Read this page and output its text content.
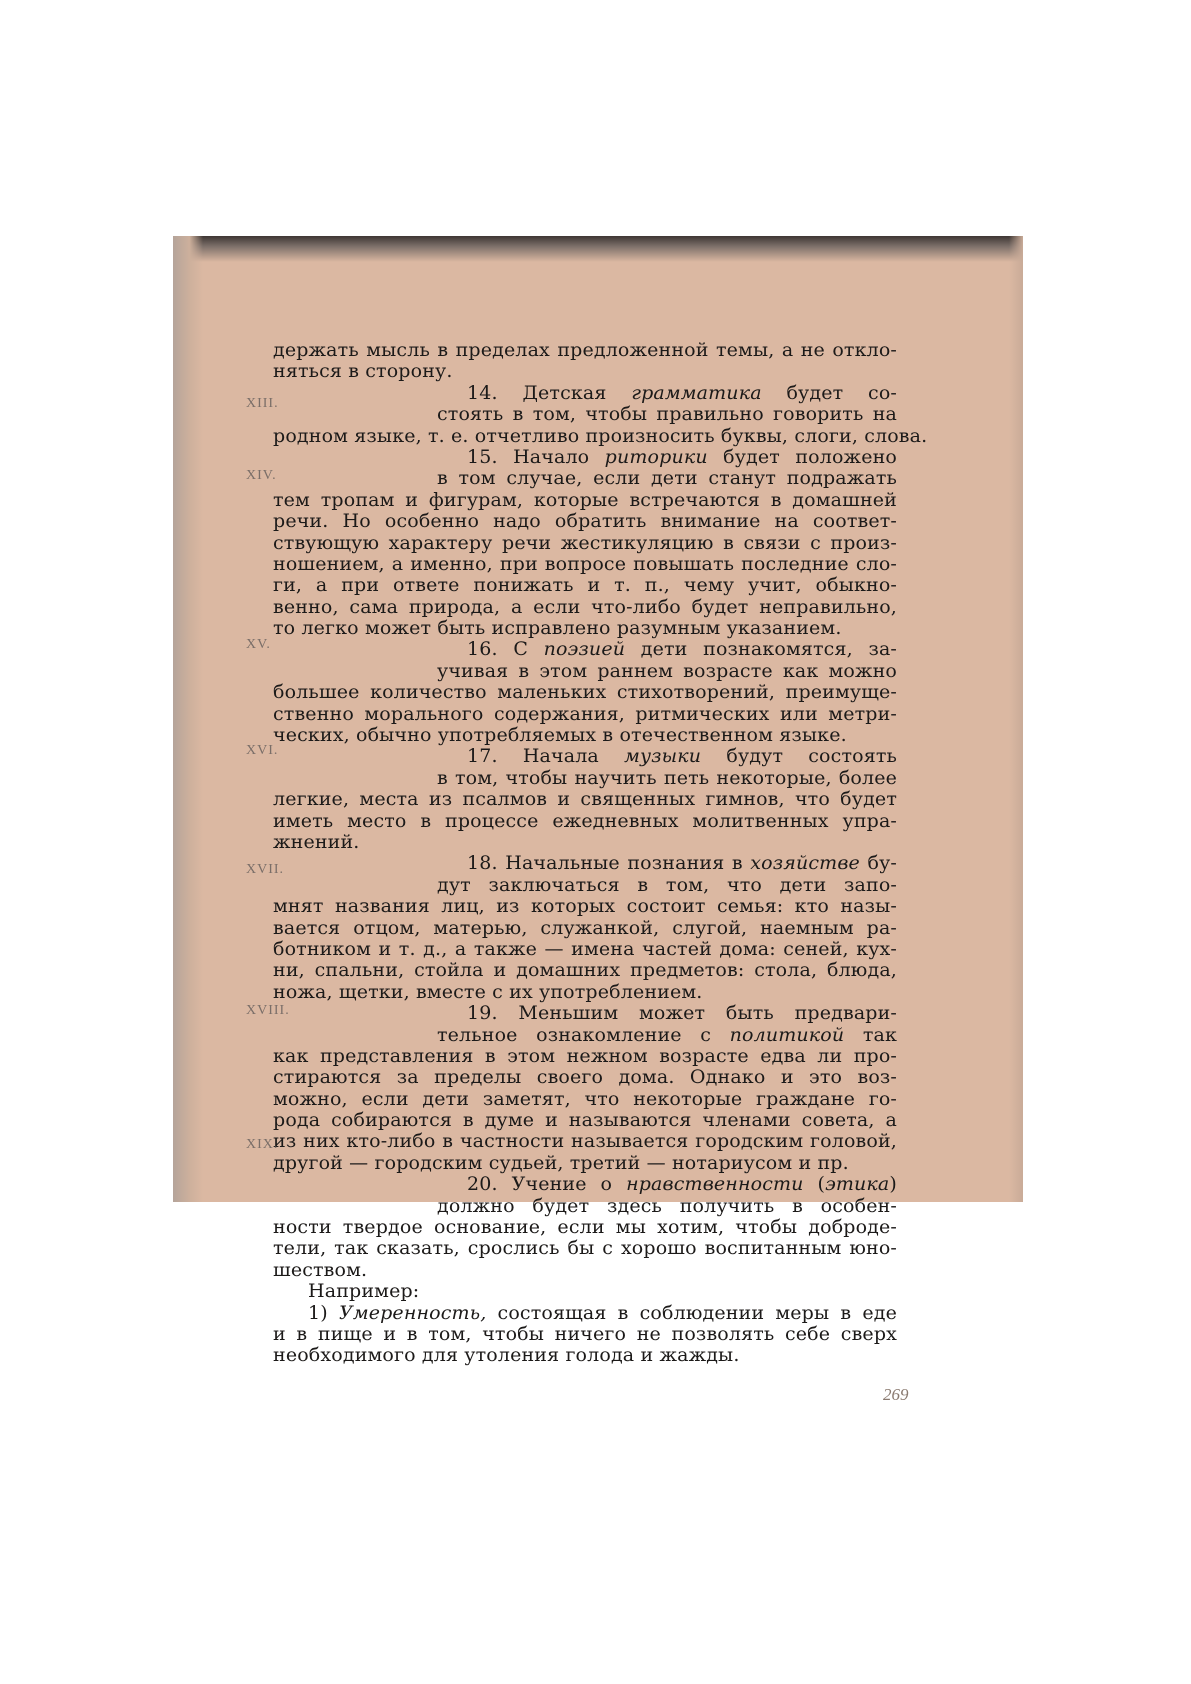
держать мысль в пределах предложенной темы, а не откло-
няться в сторону.
14. Детская грамматика будет со-
стоять в том, чтобы правильно говорить на
родном языке, т. е. отчетливо произносить буквы, слоги, слова.
15. Начало риторики будет положено
в том случае, если дети станут подражать
тем тропам и фигурам, которые встречаются в домашней
речи. Но особенно надо обратить внимание на соответ-
ствующую характеру речи жестикуляцию в связи с произ-
ношением, а именно, при вопросе повышать последние сло-
ги, а при ответе понижать и т. п., чему учит, обыкно-
венно, сама природа, а если что-либо будет неправильно,
то легко может быть исправлено разумным указанием.
16. С поэзией дети познакомятся, за-
учивая в этом раннем возрасте как можно
большее количество маленьких стихотворений, преимуще-
ственно морального содержания, ритмических или метри-
ческих, обычно употребляемых в отечественном языке.
17. Начала музыки будут состоять
в том, чтобы научить петь некоторые, более
легкие, места из псалмов и священных гимнов, что будет
иметь место в процессе ежедневных молитвенных упра-
жнений.
18. Начальные познания в хозяйстве бу-
дут заключаться в том, что дети запо-
мнят названия лиц, из которых состоит семья: кто назы-
вается отцом, матерью, служанкой, слугой, наемным ра-
ботником и т. д., а также — имена частей дома: сеней, кух-
ни, спальни, стойла и домашних предметов: стола, блюда,
ножа, щетки, вместе с их употреблением.
19. Меньшим может быть предвари-
тельное ознакомление с политикой так
как представления в этом нежном возрасте едва ли про-
стираются за пределы своего дома. Однако и это воз-
можно, если дети заметят, что некоторые граждане го-
рода собираются в думе и называются членами совета, а
из них кто-либо в частности называется городским головой,
другой — городским судьей, третий — нотариусом и пр.
20. Учение о нравственности (этика)
должно будет здесь получить в особен-
ности твердое основание, если мы хотим, чтобы доброде-
тели, так сказать, срослись бы с хорошо воспитанным юно-
шеством.
Например:
1) Умеренность, состоящая в соблюдении меры в еде
и в пище и в том, чтобы ничего не позволять себе сверх
необходимого для утоления голода и жажды.
XIII.
XIV.
XV.
XVI.
XVII.
XVIII.
XIX.
269
